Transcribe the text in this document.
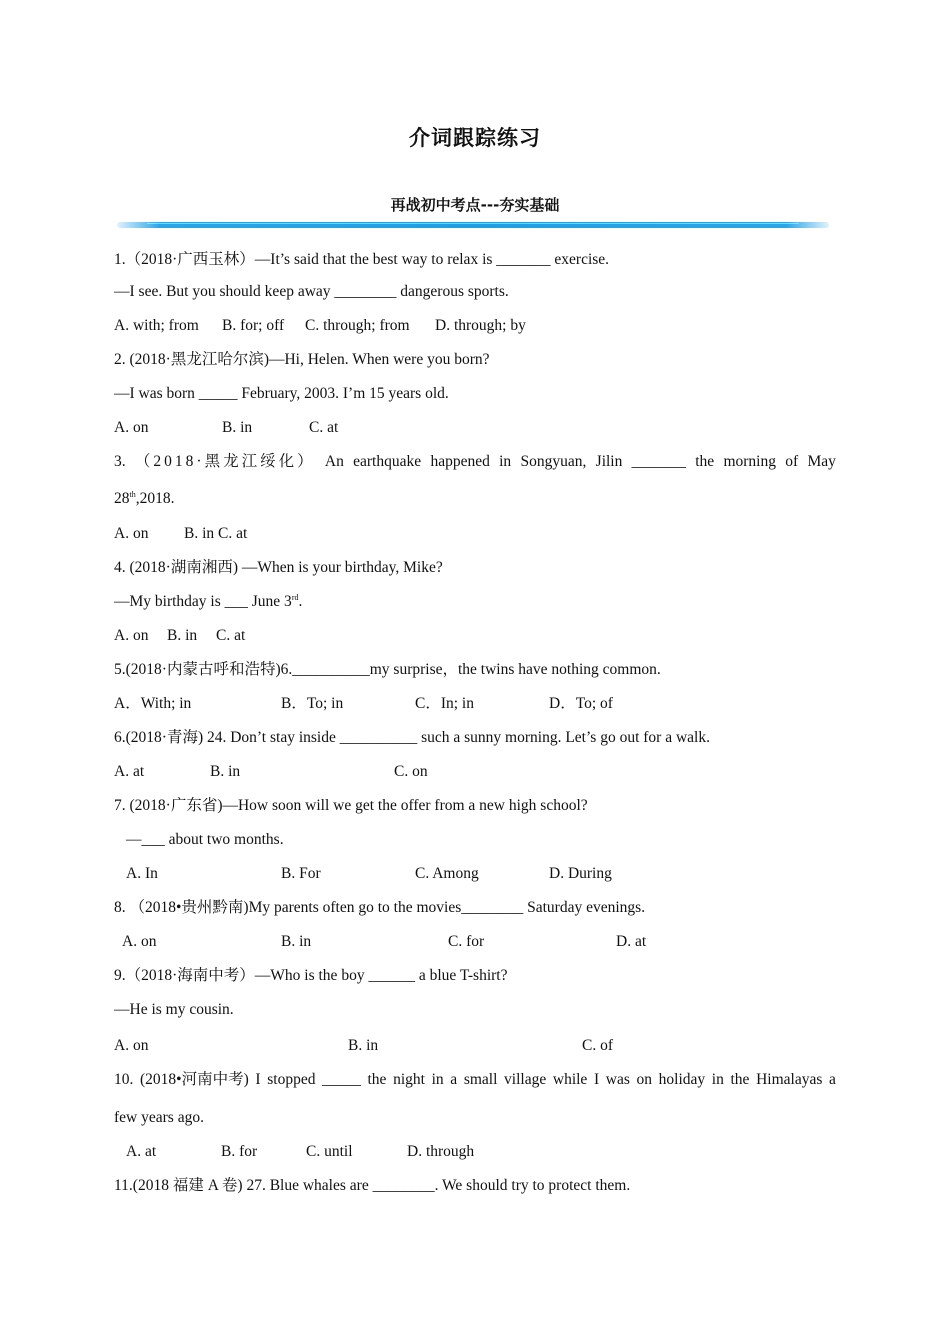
介词跟踪练习
再战初中考点---夯实基础
1.（2018·广西玉林）—It’s said that the best way to relax is _______ exercise.
—I see. But you should keep away ________ dangerous sports.
A. with; from B. for; off C. through; from D. through; by
2. (2018·黑龙江哈尔滨)—Hi, Helen. When were you born?
—I was born _____ February, 2003. I’m 15 years old.
A. on	B. in	C. at
3. （2018·黑龙江绥化） An earthquake happened in Songyuan, Jilin _______ the morning of May
28th,2018.
A. on B. in C. at
4. (2018·湖南湘西) —When is your birthday, Mike?
—My birthday is ___ June 3rd.
A. on B. in C. at
5.(2018·内蒙古呼和浩特)6.__________my surprise，the twins have nothing common.
A．With; in	B．To; in	C．In; in	D．To; of
6.(2018·青海) 24. Don’t stay inside __________ such a sunny morning. Let’s go out for a walk.
A. at	B. in	C. on
7. (2018·广东省)—How soon will we get the offer from a new high school?
—___ about two months.
A. In	B. For	C. Among	D. During
8. （2018•贵州黔南)My parents often go to the movies________ Saturday evenings.
A. on	B. in	C. for	D. at
9.（2018·海南中考）—Who is the boy ______ a blue T-shirt?
—He is my cousin.
A. on	B. in	C. of
10. (2018•河南中考) I stopped _____ the night in a small village while I was on holiday in the Himalayas a
few years ago.
A. at	B. for	C. until	D. through
11.(2018 福建 A 卷) 27. Blue whales are ________. We should try to protect them.
